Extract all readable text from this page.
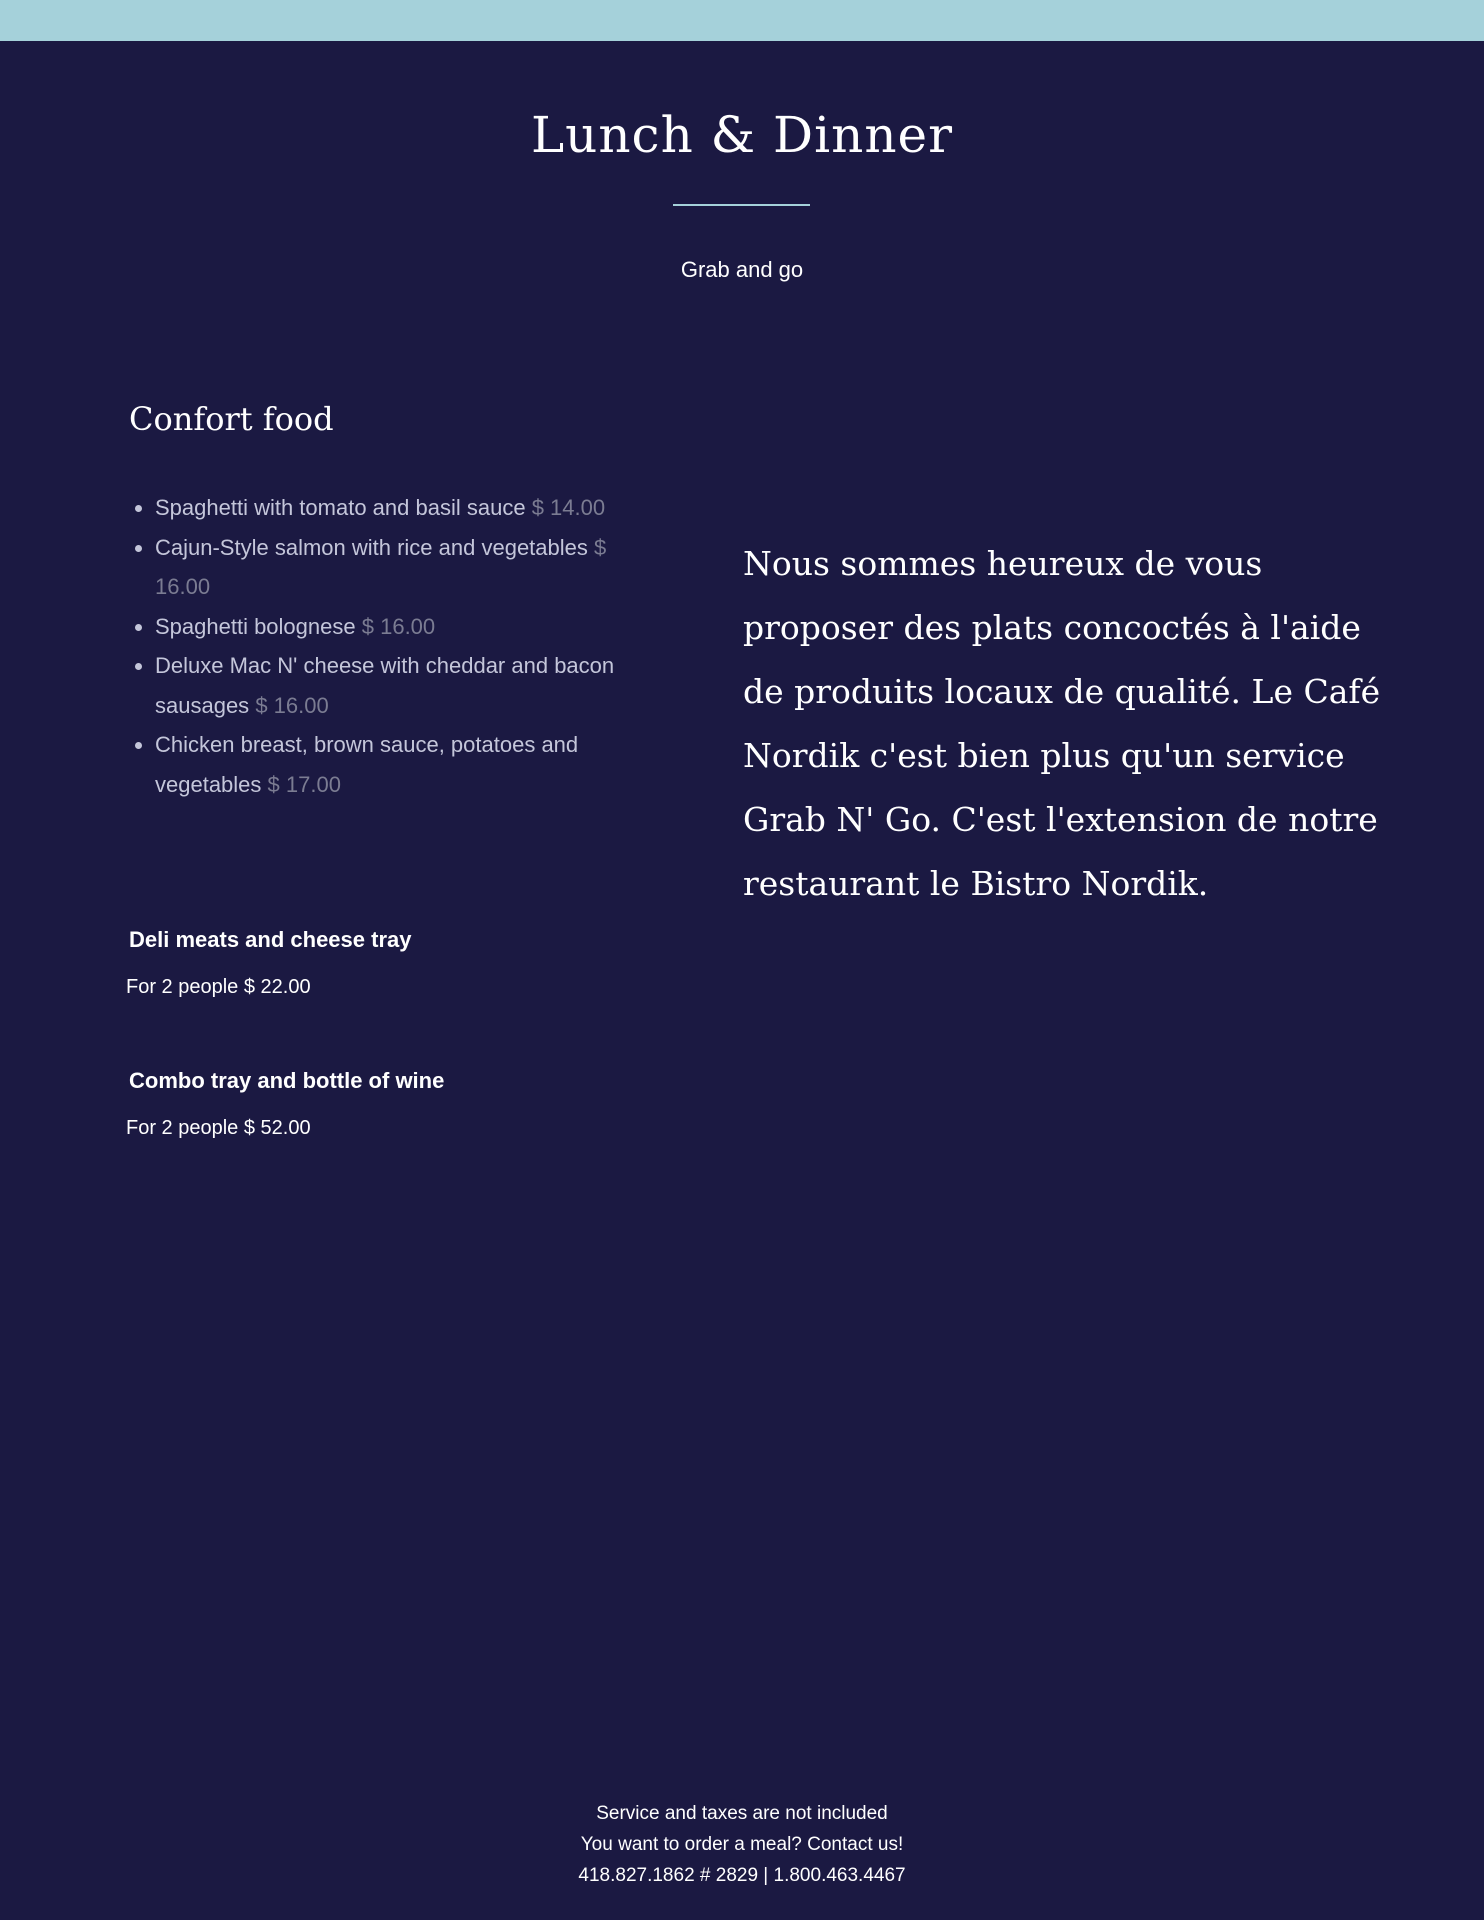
Lunch & Dinner
Grab and go
Confort food
• Spaghetti with tomato and basil sauce $ 14.00
• Cajun-Style salmon with rice and vegetables $ 16.00
• Spaghetti bolognese $ 16.00
• Deluxe Mac N' cheese with cheddar and bacon sausages $ 16.00
• Chicken breast, brown sauce, potatoes and vegetables $ 17.00
Deli meats and cheese tray
For 2 people $ 22.00
Combo tray and bottle of wine
For 2 people $ 52.00

Nous sommes heureux de vous proposer des plats concoctés à l'aide de produits locaux de qualité. Le Café Nordik c'est bien plus qu'un service Grab N' Go. C'est l'extension de notre restaurant le Bistro Nordik.

Service and taxes are not included
You want to order a meal? Contact us!
418.827.1862 # 2829 | 1.800.463.4467
